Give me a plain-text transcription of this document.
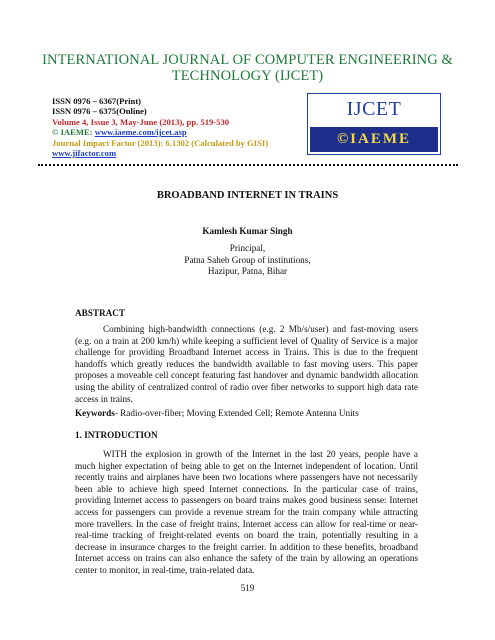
INTERNATIONAL JOURNAL OF COMPUTER ENGINEERING & TECHNOLOGY (IJCET)
ISSN 0976 – 6367(Print)
ISSN 0976 – 6375(Online)
Volume 4, Issue 3, May-June (2013), pp. 519-530
© IAEME: www.iaeme.com/ijcet.asp
Journal Impact Factor (2013): 6.1302 (Calculated by GISI)
www.jifactor.com
IJCET
©IAEME
BROADBAND INTERNET IN TRAINS
Kamlesh Kumar Singh
Principal,
Patna Saheb Group of institutions,
Hazipur, Patna, Bihar
ABSTRACT
Combining high-bandwidth connections (e.g. 2 Mb/s/user) and fast-moving users (e.g. on a train at 200 km/h) while keeping a sufficient level of Quality of Service is a major challenge for providing Broadband Internet access in Trains. This is due to the frequent handoffs which greatly reduces the bandwidth available to fast moving users. This paper proposes a moveable cell concept featuring fast handover and dynamic bandwidth allocation using the ability of centralized control of radio over fiber networks to support high data rate access in trains.
Keywords- Radio-over-fiber; Moving Extended Cell; Remote Antenna Units
1. INTRODUCTION
WITH the explosion in growth of the Internet in the last 20 years, people have a much higher expectation of being able to get on the Internet independent of location. Until recently trains and airplanes have been two locations where passengers have not necessarily been able to achieve high speed Internet connections. In the particular case of trains, providing Internet access to passengers on board trains makes good business sense: Internet access for passengers can provide a revenue stream for the train company while attracting more travellers. In the case of freight trains, Internet access can allow for real-time or near-real-time tracking of freight-related events on board the train, potentially resulting in a decrease in insurance charges to the freight carrier. In addition to these benefits, broadband Internet access on trains can also enhance the safety of the train by allowing an operations center to monitor, in real-time, train-related data.
519
